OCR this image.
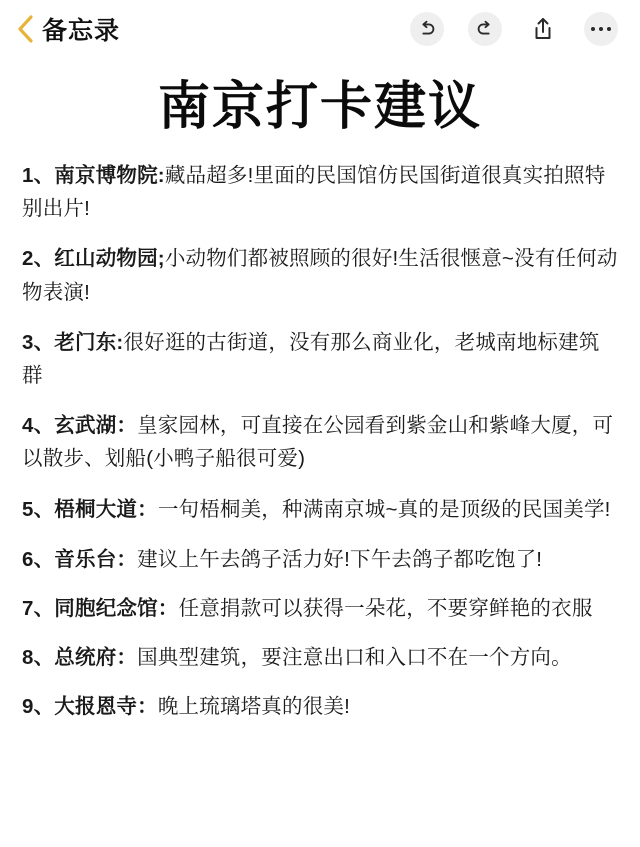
备忘录
南京打卡建议
1、南京博物院:藏品超多!里面的民国馆仿民国街道很真实拍照特别出片!
2、红山动物园;小动物们都被照顾的很好!生活很惬意~没有任何动物表演!
3、老门东:很好逛的古街道，没有那么商业化，老城南地标建筑群
4、玄武湖：皇家园林，可直接在公园看到紫金山和紫峰大厦，可以散步、划船(小鸭子船很可爱)
5、梧桐大道：一句梧桐美，种满南京城~真的是顶级的民国美学!
6、音乐台：建议上午去鸽子活力好!下午去鸽子都吃饱了!
7、同胞纪念馆：任意捐款可以获得一朵花，不要穿鲜艳的衣服
8、总统府：国典型建筑，要注意出口和入口不在一个方向。
9、大报恩寺：晚上琉璃塔真的很美!
